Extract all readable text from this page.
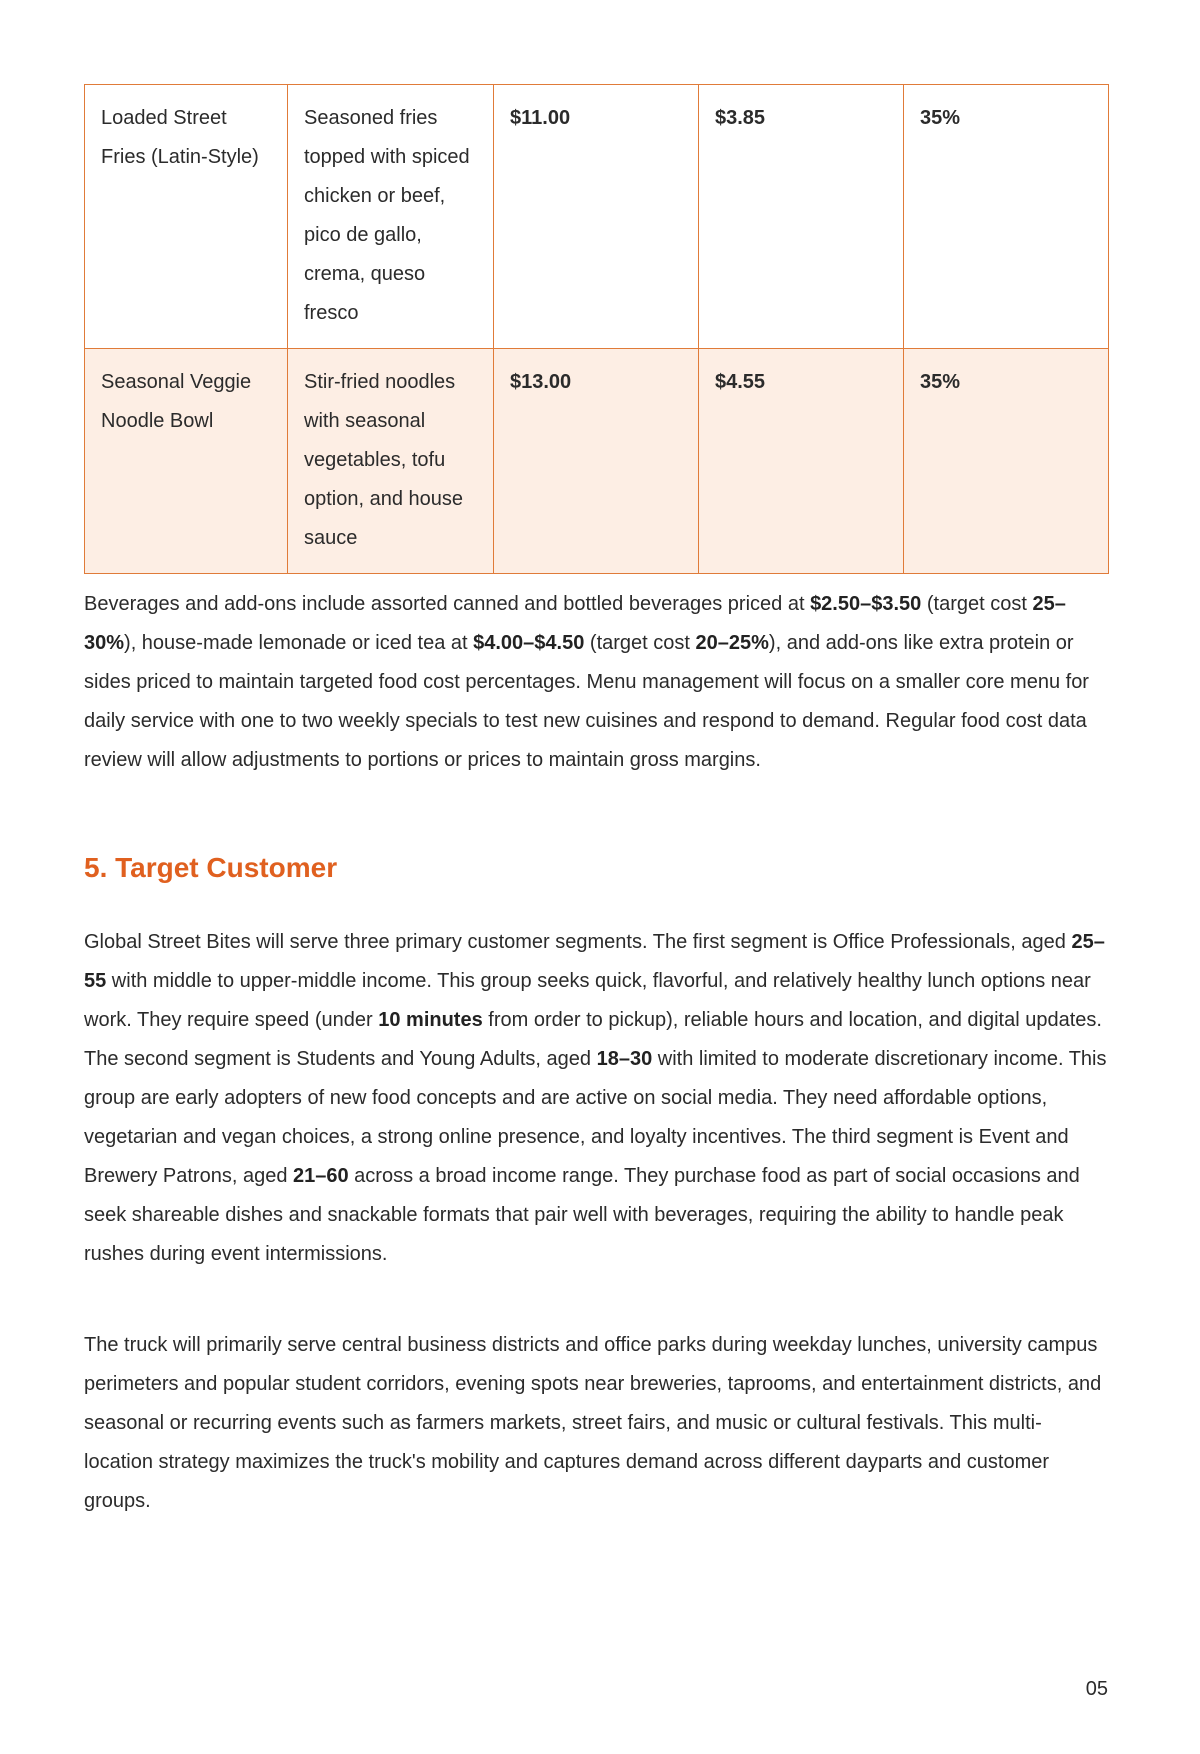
Loaded Street Fries (Latin-Style)	Seasoned fries topped with spiced chicken or beef, pico de gallo, crema, queso fresco	$11.00	$3.85	35%
Seasonal Veggie Noodle Bowl	Stir-fried noodles with seasonal vegetables, tofu option, and house sauce	$13.00	$4.55	35%

Beverages and add-ons include assorted canned and bottled beverages priced at $2.50–$3.50 (target cost 25–30%), house-made lemonade or iced tea at $4.00–$4.50 (target cost 20–25%), and add-ons like extra protein or sides priced to maintain targeted food cost percentages. Menu management will focus on a smaller core menu for daily service with one to two weekly specials to test new cuisines and respond to demand. Regular food cost data review will allow adjustments to portions or prices to maintain gross margins.

5. Target Customer

Global Street Bites will serve three primary customer segments. The first segment is Office Professionals, aged 25–55 with middle to upper-middle income. This group seeks quick, flavorful, and relatively healthy lunch options near work. They require speed (under 10 minutes from order to pickup), reliable hours and location, and digital updates. The second segment is Students and Young Adults, aged 18–30 with limited to moderate discretionary income. This group are early adopters of new food concepts and are active on social media. They need affordable options, vegetarian and vegan choices, a strong online presence, and loyalty incentives. The third segment is Event and Brewery Patrons, aged 21–60 across a broad income range. They purchase food as part of social occasions and seek shareable dishes and snackable formats that pair well with beverages, requiring the ability to handle peak rushes during event intermissions.

The truck will primarily serve central business districts and office parks during weekday lunches, university campus perimeters and popular student corridors, evening spots near breweries, taprooms, and entertainment districts, and seasonal or recurring events such as farmers markets, street fairs, and music or cultural festivals. This multi-location strategy maximizes the truck's mobility and captures demand across different dayparts and customer groups.

05
